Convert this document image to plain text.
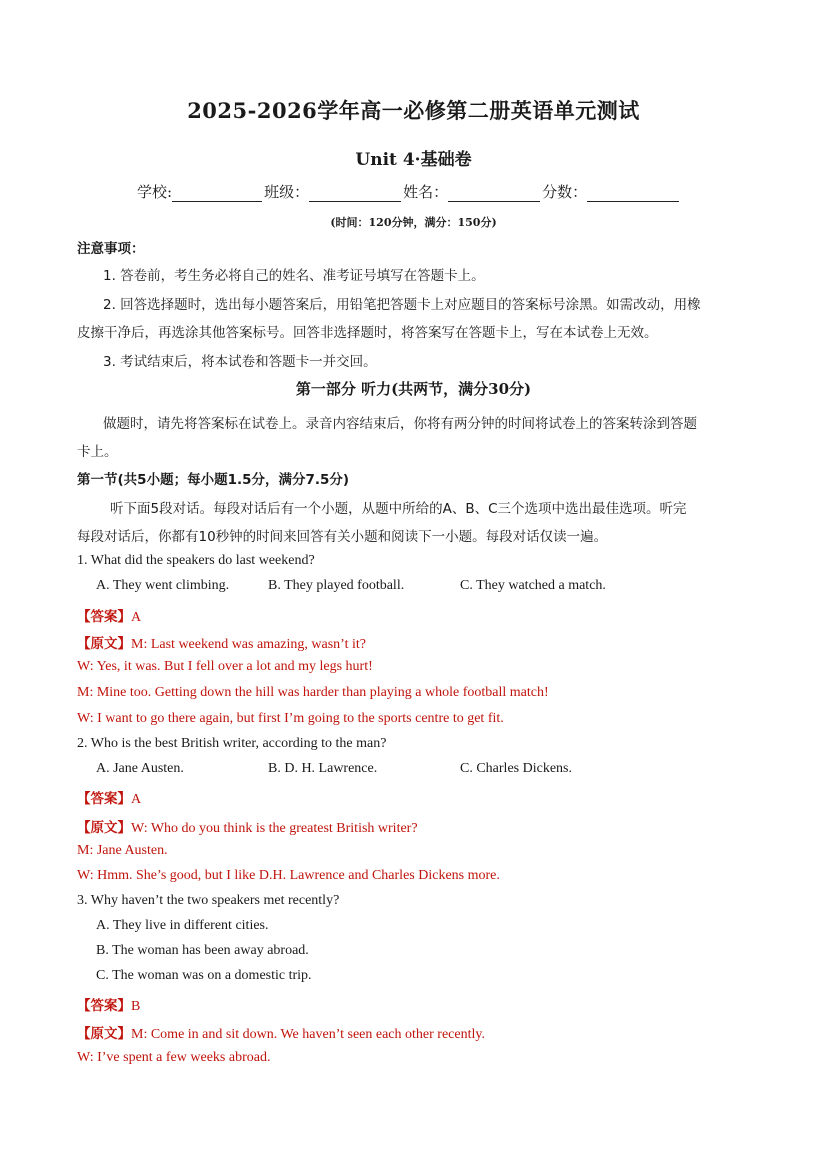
2025-2026学年高一必修第二册英语单元测试
Unit 4·基础卷
学校:	班级：	姓名：	分数：
(时间：120分钟，满分：150分)
注意事项：
1. 答卷前，考生务必将自己的姓名、准考证号填写在答题卡上。
2. 回答选择题时，选出每小题答案后，用铅笔把答题卡上对应题目的答案标号涂黑。如需改动，用橡
皮擦干净后，再选涂其他答案标号。回答非选择题时，将答案写在答题卡上，写在本试卷上无效。
3. 考试结束后，将本试卷和答题卡一并交回。
第一部分 听力(共两节，满分30分)
做题时，请先将答案标在试卷上。录音内容结束后，你将有两分钟的时间将试卷上的答案转涂到答题
卡上。
第一节(共5小题；每小题1.5分，满分7.5分)
听下面5段对话。每段对话后有一个小题，从题中所给的A、B、C三个选项中选出最佳选项。听完
每段对话后，你都有10秒钟的时间来回答有关小题和阅读下一小题。每段对话仅读一遍。
1. What did the speakers do last weekend?
A. They went climbing.	B. They played football.	C. They watched a match.
【答案】A
【原文】M: Last weekend was amazing, wasn’t it?
W: Yes, it was. But I fell over a lot and my legs hurt!
M: Mine too. Getting down the hill was harder than playing a whole football match!
W: I want to go there again, but first I’m going to the sports centre to get fit.
2. Who is the best British writer, according to the man?
A. Jane Austen.	B. D. H. Lawrence.	C. Charles Dickens.
【答案】A
【原文】W: Who do you think is the greatest British writer?
M: Jane Austen.
W: Hmm. She’s good, but I like D.H. Lawrence and Charles Dickens more.
3. Why haven’t the two speakers met recently?
A. They live in different cities.
B. The woman has been away abroad.
C. The woman was on a domestic trip.
【答案】B
【原文】M: Come in and sit down. We haven’t seen each other recently.
W: I’ve spent a few weeks abroad.
